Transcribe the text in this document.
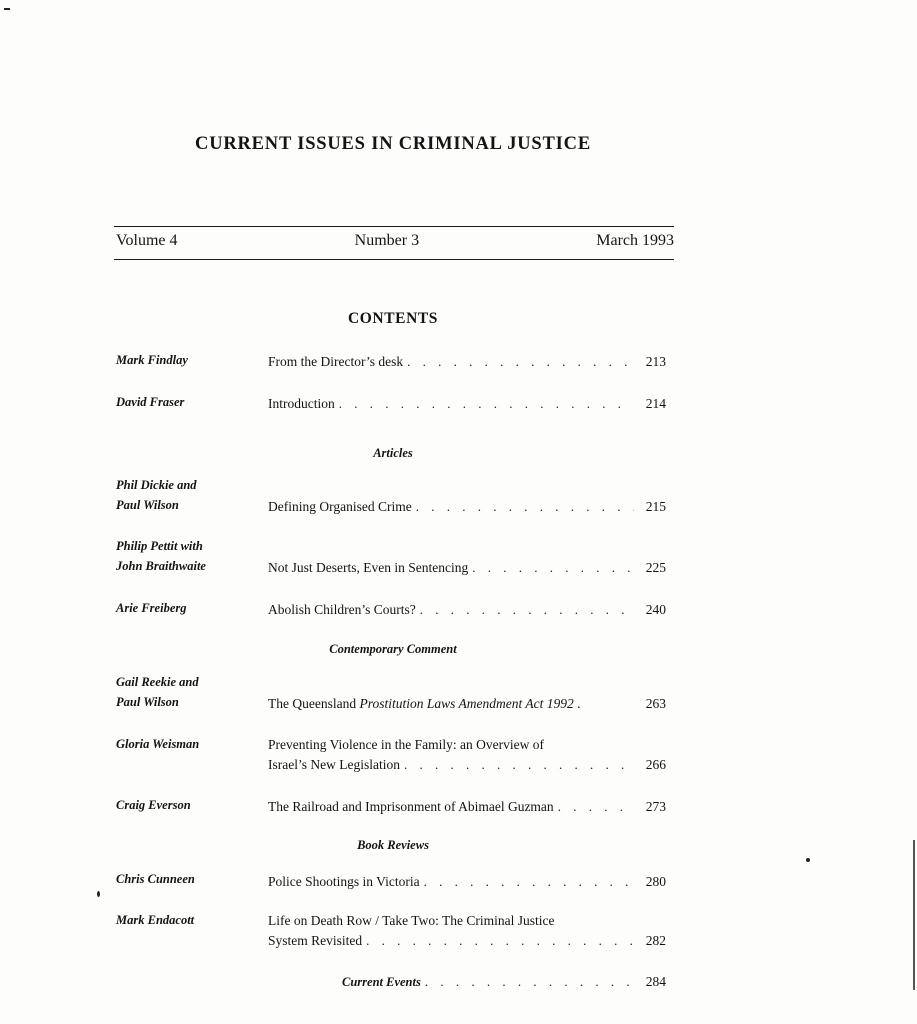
CURRENT ISSUES IN CRIMINAL JUSTICE
Volume 4	Number 3	March 1993
CONTENTS
Mark Findlay	From the Director’s desk . . .	213
David Fraser	Introduction . . .	214
Articles
Phil Dickie and
Paul Wilson	Defining Organised Crime . . .	215
Philip Pettit with
John Braithwaite	Not Just Deserts, Even in Sentencing . . .	225
Arie Freiberg	Abolish Children’s Courts? . . .	240
Contemporary Comment
Gail Reekie and
Paul Wilson	The Queensland Prostitution Laws Amendment Act 1992 .	263
Gloria Weisman	Preventing Violence in the Family: an Overview of
Israel’s New Legislation . . .	266
Craig Everson	The Railroad and Imprisonment of Abimael Guzman . . .	273
Book Reviews
Chris Cunneen	Police Shootings in Victoria . . .	280
Mark Endacott	Life on Death Row / Take Two: The Criminal Justice
System Revisited . . .	282
Current Events . . .	284
